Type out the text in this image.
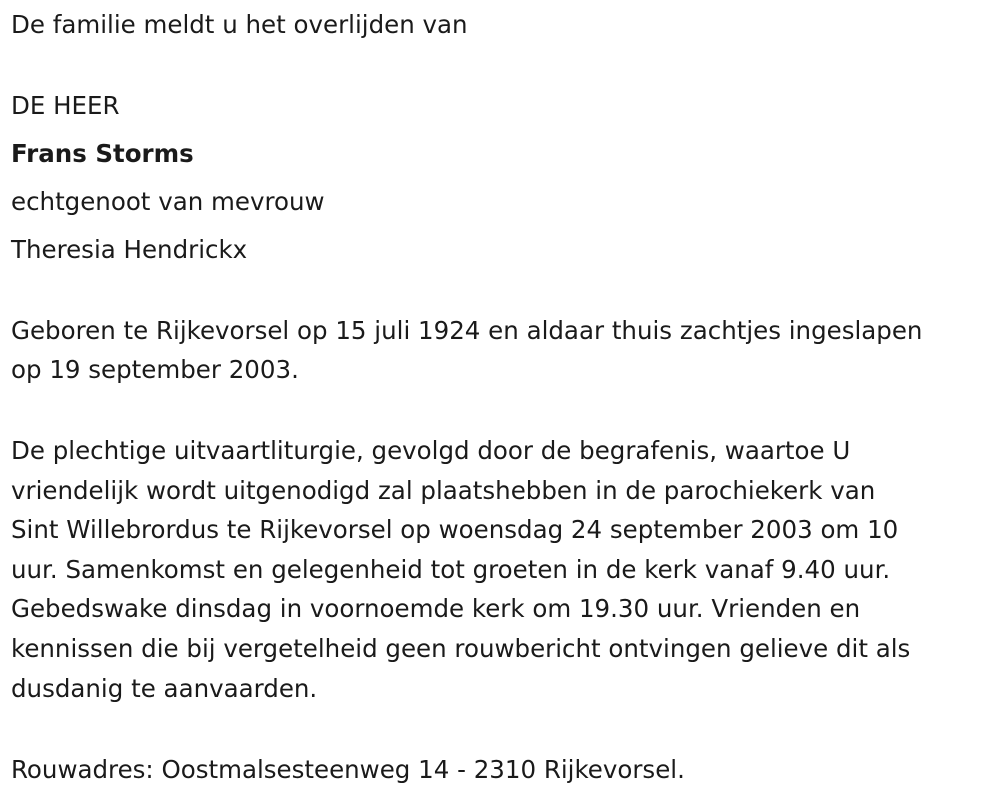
De familie meldt u het overlijden van

DE HEER

Frans Storms

echtgenoot van mevrouw

Theresia Hendrickx

Geboren te Rijkevorsel op 15 juli 1924 en aldaar thuis zachtjes ingeslapen

op 19 september 2003.

De plechtige uitvaartliturgie, gevolgd door de begrafenis, waartoe U

vriendelijk wordt uitgenodigd zal plaatshebben in de parochiekerk van

Sint Willebrordus te Rijkevorsel op woensdag 24 september 2003 om 10

uur. Samenkomst en gelegenheid tot groeten in de kerk vanaf 9.40 uur.

Gebedswake dinsdag in voornoemde kerk om 19.30 uur. Vrienden en

kennissen die bij vergetelheid geen rouwbericht ontvingen gelieve dit als

dusdanig te aanvaarden.

Rouwadres: Oostmalsesteenweg 14 - 2310 Rijkevorsel.
